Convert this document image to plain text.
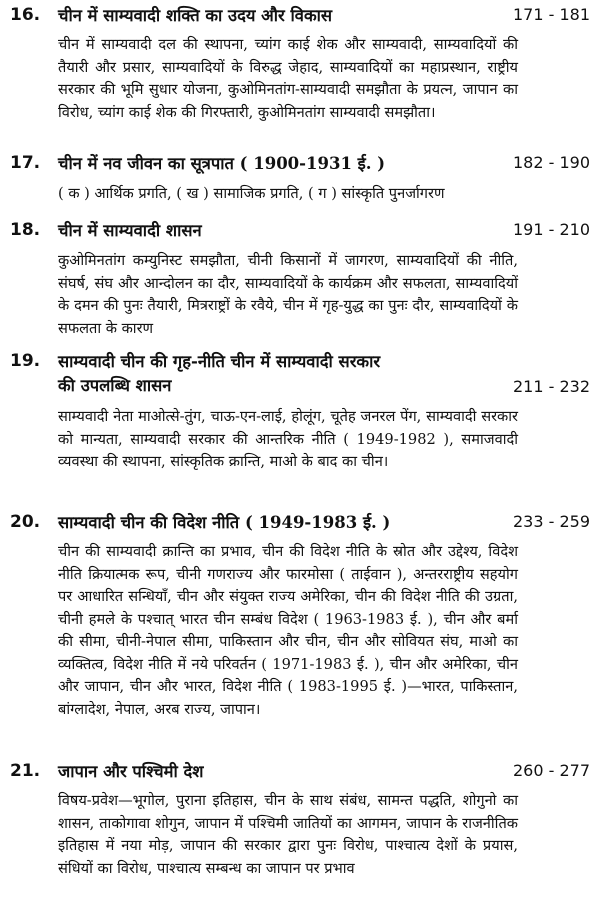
16. चीन में साम्यवादी शक्ति का उदय और विकास	171 - 181
चीन में साम्यवादी दल की स्थापना, च्यांग काई शेक और साम्यवादी, साम्यवादियों की तैयारी और प्रसार, साम्यवादियों के विरुद्ध जेहाद, साम्यवादियों का महाप्रस्थान, राष्ट्रीय सरकार की भूमि सुधार योजना, कुओमिनतांग-साम्यवादी समझौता के प्रयत्न, जापान का विरोध, च्यांग काई शेक की गिरफ्तारी, कुओमिनतांग साम्यवादी समझौता।
17. चीन में नव जीवन का सूत्रपात ( 1900-1931 ई. )	182 - 190
( क ) आर्थिक प्रगति, ( ख ) सामाजिक प्रगति, ( ग ) सांस्कृति पुनर्जागरण
18. चीन में साम्यवादी शासन	191 - 210
कुओमिनतांग कम्युनिस्ट समझौता, चीनी किसानों में जागरण, साम्यवादियों की नीति, संघर्ष, संघ और आन्दोलन का दौर, साम्यवादियों के कार्यक्रम और सफलता, साम्यवादियों के दमन की पुनः तैयारी, मित्रराष्ट्रों के रवैये, चीन में गृह-युद्ध का पुनः दौर, साम्यवादियों के सफलता के कारण
19. साम्यवादी चीन की गृह-नीति चीन में साम्यवादी सरकार की उपलब्धि शासन	211 - 232
साम्यवादी नेता माओत्से-तुंग, चाऊ-एन-लाई, होलूंग, चूतेह जनरल पेंग, साम्यवादी सरकार को मान्यता, साम्यवादी सरकार की आन्तरिक नीति ( 1949-1982 ), समाजवादी व्यवस्था की स्थापना, सांस्कृतिक क्रान्ति, माओ के बाद का चीन।
20. साम्यवादी चीन की विदेश नीति ( 1949-1983 ई. )	233 - 259
चीन की साम्यवादी क्रान्ति का प्रभाव, चीन की विदेश नीति के स्रोत और उद्देश्य, विदेश नीति क्रियात्मक रूप, चीनी गणराज्य और फारमोसा ( ताईवान ), अन्तरराष्ट्रीय सहयोग पर आधारित सन्धियाँ, चीन और संयुक्त राज्य अमेरिका, चीन की विदेश नीति की उग्रता, चीनी हमले के पश्चात् भारत चीन सम्बंध विदेश ( 1963-1983 ई. ), चीन और बर्मा की सीमा, चीनी-नेपाल सीमा, पाकिस्तान और चीन, चीन और सोवियत संघ, माओ का व्यक्तित्व, विदेश नीति में नये परिवर्तन ( 1971-1983 ई. ), चीन और अमेरिका, चीन और जापान, चीन और भारत, विदेश नीति ( 1983-1995 ई. )—भारत, पाकिस्तान, बांग्लादेश, नेपाल, अरब राज्य, जापान।
21. जापान और पश्चिमी देश	260 - 277
विषय-प्रवेश—भूगोल, पुराना इतिहास, चीन के साथ संबंध, सामन्त पद्धति, शोगुनो का शासन, ताकोगावा शोगुन, जापान में पश्चिमी जातियों का आगमन, जापान के राजनीतिक इतिहास में नया मोड़, जापान की सरकार द्वारा पुनः विरोध, पाश्चात्य देशों के प्रयास, संधियों का विरोध, पाश्चात्य सम्बन्ध का जापान पर प्रभाव
